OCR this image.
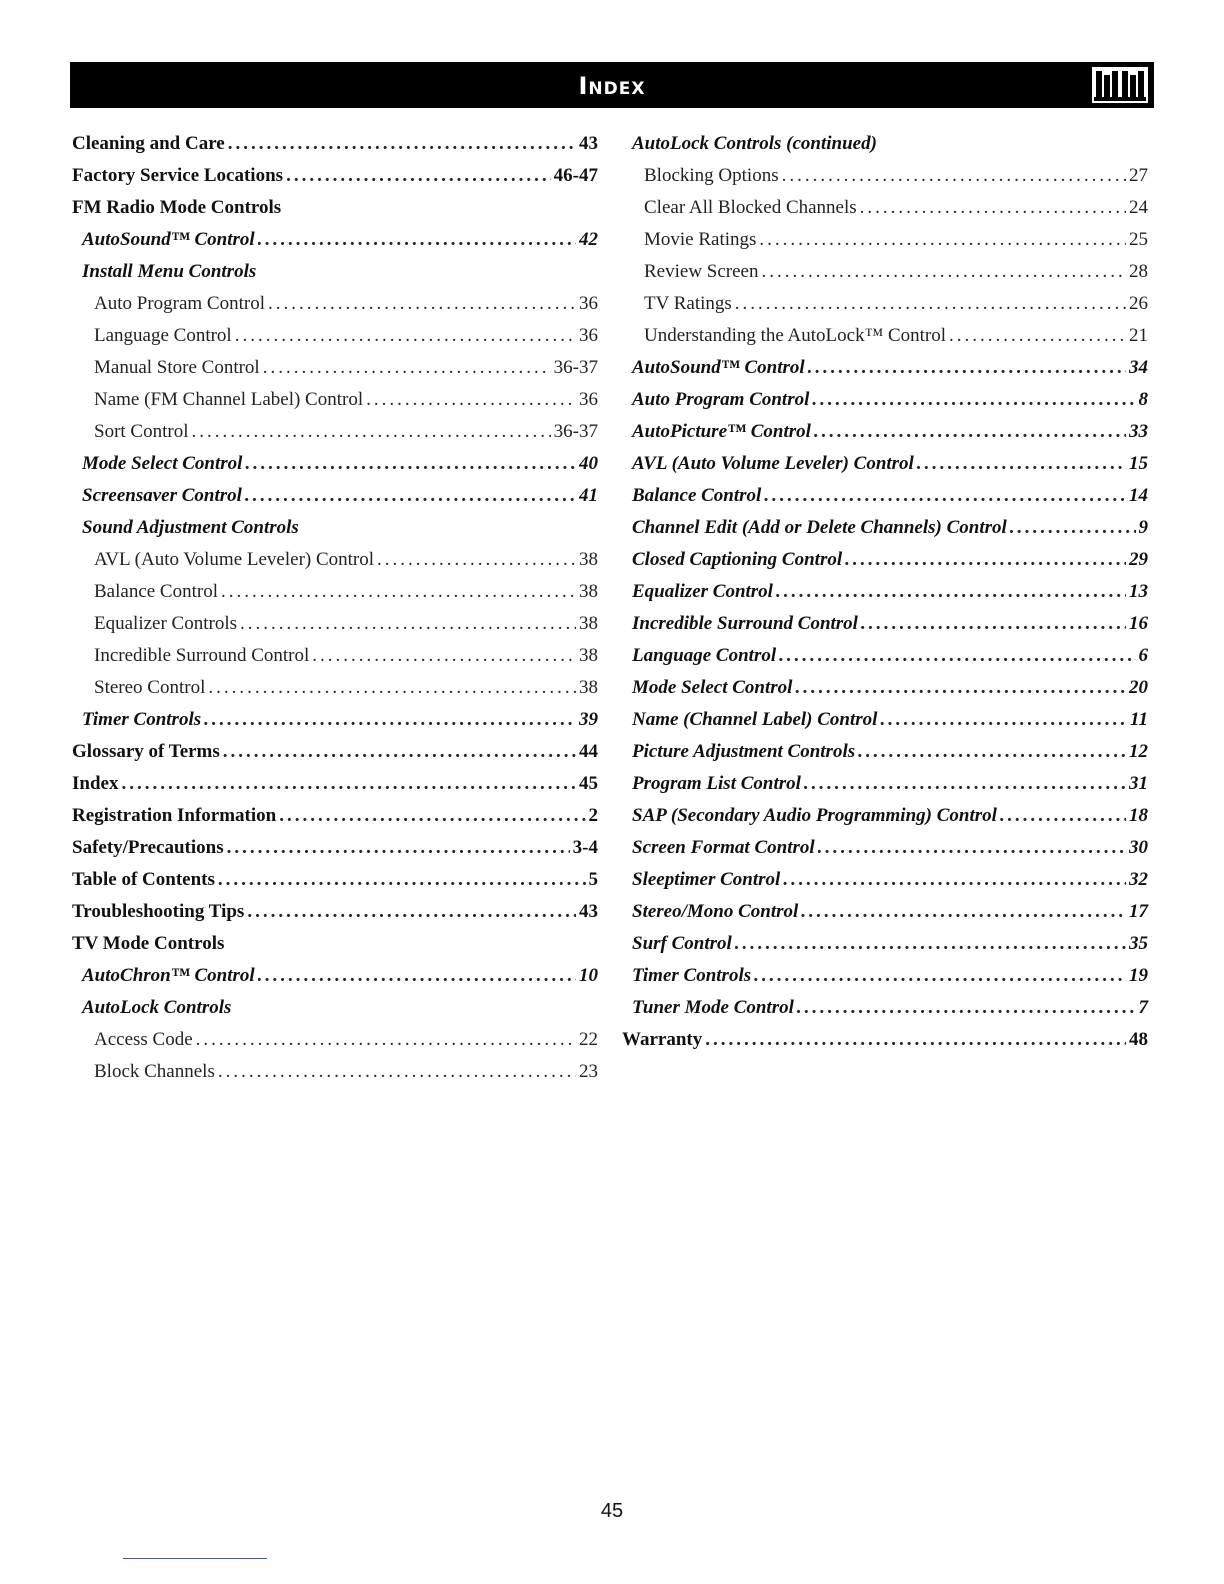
Index
Cleaning and Care .....	43
Factory Service Locations .....	46-47
FM Radio Mode Controls
AutoSound™ Control .....	42
Install Menu Controls
Auto Program Control .....	36
Language Control .....	36
Manual Store Control .....	36-37
Name (FM Channel Label) Control .....	36
Sort Control .....	36-37
Mode Select Control .....	40
Screensaver Control .....	41
Sound Adjustment Controls
AVL (Auto Volume Leveler) Control .....	38
Balance Control .....	38
Equalizer Controls .....	38
Incredible Surround Control .....	38
Stereo Control .....	38
Timer Controls .....	39
Glossary of Terms .....	44
Index .....	45
Registration Information .....	2
Safety/Precautions .....	3-4
Table of Contents .....	5
Troubleshooting Tips .....	43
TV Mode Controls
AutoChron™ Control .....	10
AutoLock Controls
Access Code .....	22
Block Channels .....	23
AutoLock Controls (continued)
Blocking Options .....	27
Clear All Blocked Channels .....	24
Movie Ratings .....	25
Review Screen .....	28
TV Ratings .....	26
Understanding the AutoLock™ Control .....	21
AutoSound™ Control .....	34
Auto Program Control .....	8
AutoPicture™ Control .....	33
AVL (Auto Volume Leveler) Control .....	15
Balance Control .....	14
Channel Edit (Add or Delete Channels) Control .....	9
Closed Captioning Control .....	29
Equalizer Control .....	13
Incredible Surround Control .....	16
Language Control .....	6
Mode Select Control .....	20
Name (Channel Label) Control .....	11
Picture Adjustment Controls .....	12
Program List Control .....	31
SAP (Secondary Audio Programming) Control .....	18
Screen Format Control .....	30
Sleeptimer Control .....	32
Stereo/Mono Control .....	17
Surf Control .....	35
Timer Controls .....	19
Tuner Mode Control .....	7
Warranty .....	48
45
